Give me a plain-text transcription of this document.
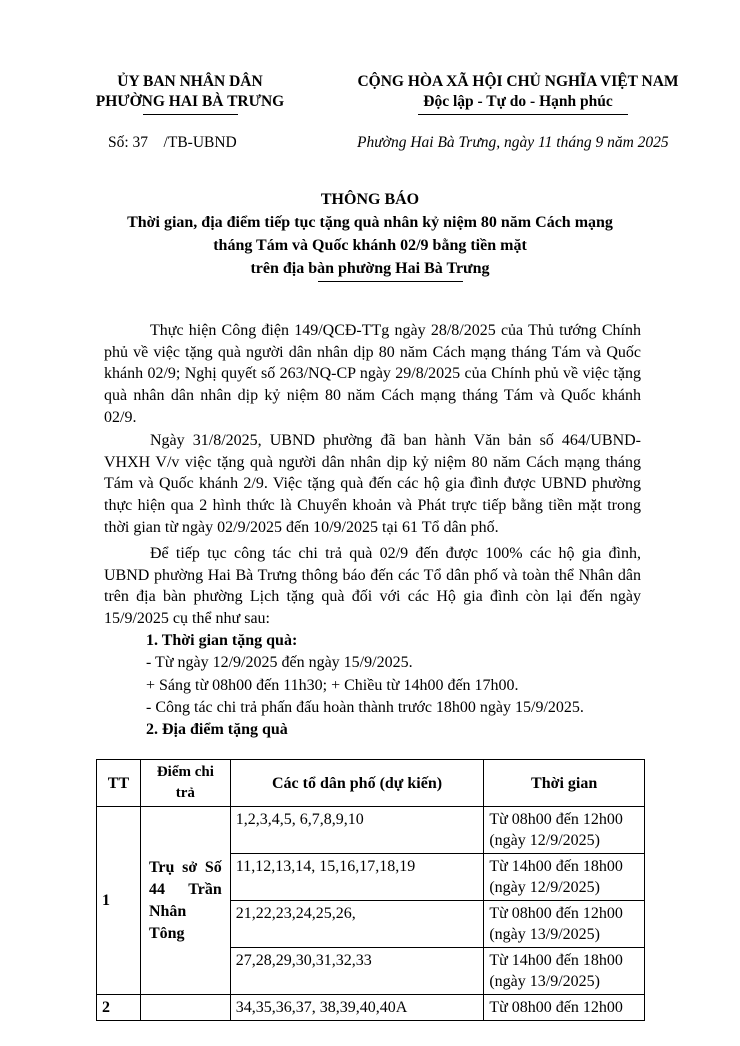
ỦY BAN NHÂN DÂN
PHƯỜNG HAI BÀ TRƯNG
CỘNG HÒA XÃ HỘI CHỦ NGHĨA VIỆT NAM
Độc lập - Tự do - Hạnh phúc
Số: 37    /TB-UBND	Phường Hai Bà Trưng, ngày 11 tháng 9 năm 2025
THÔNG BÁO
Thời gian, địa điểm tiếp tục tặng quà nhân kỷ niệm 80 năm Cách mạng
tháng Tám và Quốc khánh 02/9 bằng tiền mặt
trên địa bàn phường Hai Bà Trưng
Thực hiện Công điện 149/QCĐ-TTg ngày 28/8/2025 của Thủ tướng Chính phủ về việc tặng quà người dân nhân dịp 80 năm Cách mạng tháng Tám và Quốc khánh 02/9; Nghị quyết số 263/NQ-CP ngày 29/8/2025 của Chính phủ về việc tặng quà nhân dân nhân dịp kỷ niệm 80 năm Cách mạng tháng Tám và Quốc khánh 02/9.
Ngày 31/8/2025, UBND phường đã ban hành Văn bản số 464/UBND-VHXH V/v việc tặng quà người dân nhân dịp kỷ niệm 80 năm Cách mạng tháng Tám và Quốc khánh 2/9. Việc tặng quà đến các hộ gia đình được UBND phường thực hiện qua 2 hình thức là Chuyển khoản và Phát trực tiếp bằng tiền mặt trong thời gian từ ngày 02/9/2025 đến 10/9/2025 tại 61 Tổ dân phố.
Để tiếp tục công tác chi trả quà 02/9 đến được 100% các hộ gia đình, UBND phường Hai Bà Trưng thông báo đến các Tổ dân phố và toàn thể Nhân dân trên địa bàn phường Lịch tặng quà đối với các Hộ gia đình còn lại đến ngày 15/9/2025 cụ thể như sau:
1. Thời gian tặng quà:
- Từ ngày 12/9/2025 đến ngày 15/9/2025.
+ Sáng từ 08h00 đến 11h30; + Chiều từ 14h00 đến 17h00.
- Công tác chi trả phấn đấu hoàn thành trước 18h00 ngày 15/9/2025.
2. Địa điểm tặng quà
TT	Điểm chi trả	Các tổ dân phố (dự kiến)	Thời gian
1	Trụ sở Số 44 Trần Nhân Tông	1,2,3,4,5, 6,7,8,9,10	Từ 08h00 đến 12h00 (ngày 12/9/2025)
		11,12,13,14, 15,16,17,18,19	Từ 14h00 đến 18h00 (ngày 12/9/2025)
		21,22,23,24,25,26,	Từ 08h00 đến 12h00 (ngày 13/9/2025)
		27,28,29,30,31,32,33	Từ 14h00 đến 18h00 (ngày 13/9/2025)
2		34,35,36,37, 38,39,40,40A	Từ 08h00 đến 12h00
